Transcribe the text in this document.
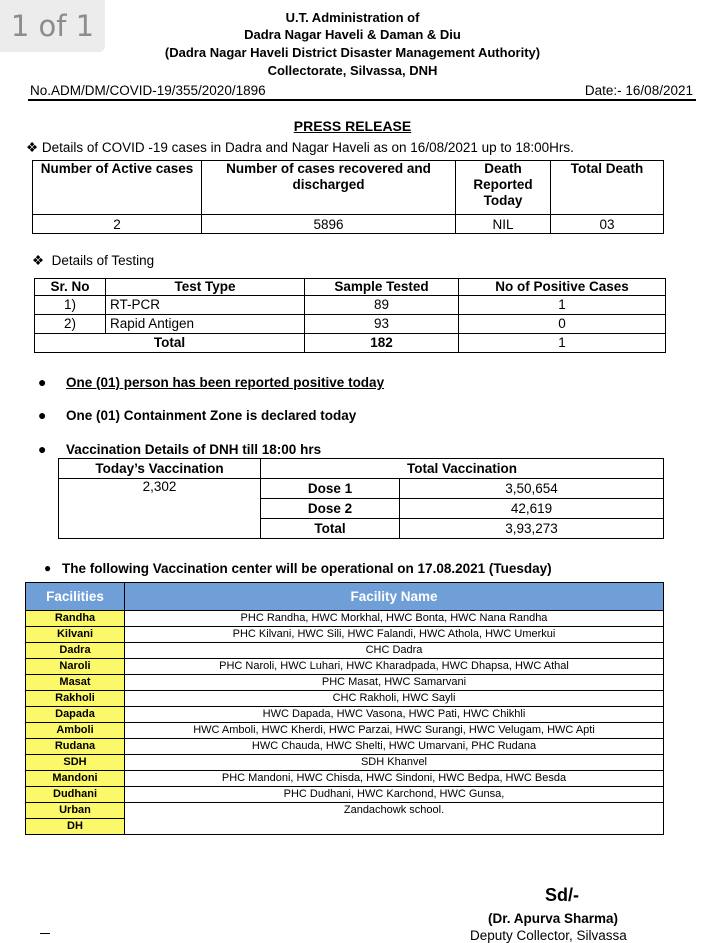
1 of 1	U.T. Administration of
Dadra Nagar Haveli & Daman & Diu
(Dadra Nagar Haveli District Disaster Management Authority)
Collectorate, Silvassa, DNH
No.ADM/DM/COVID-19/355/2020/1896	Date:- 16/08/2021
PRESS RELEASE
❖ Details of COVID -19 cases in Dadra and Nagar Haveli as on 16/08/2021 up to 18:00Hrs.
Number of Active cases	Number of cases recovered and discharged	Death Reported Today	Total Death
2	5896	NIL	03
❖ Details of Testing
Sr. No	Test Type	Sample Tested	No of Positive Cases
1)	RT-PCR	89	1
2)	Rapid Antigen	93	0
Total		182	1
● One (01) person has been reported positive today
● One (01) Containment Zone is declared today
● Vaccination Details of DNH till 18:00 hrs
Today’s Vaccination	Total Vaccination	
2,302	Dose 1	3,50,654
	Dose 2	42,619
	Total	3,93,273
● The following Vaccination center will be operational on 17.08.2021 (Tuesday)
Facilities	Facility Name
Randha	PHC Randha, HWC Morkhal, HWC Bonta, HWC Nana Randha
Kilvani	PHC Kilvani, HWC Sili, HWC Falandi, HWC Athola, HWC Umerkui
Dadra	CHC Dadra
Naroli	PHC Naroli, HWC Luhari, HWC Kharadpada, HWC Dhapsa, HWC Athal
Masat	PHC Masat, HWC Samarvani
Rakholi	CHC Rakholi, HWC Sayli
Dapada	HWC Dapada, HWC Vasona, HWC Pati, HWC Chikhli
Amboli	HWC Amboli, HWC Kherdi, HWC Parzai, HWC Surangi, HWC Velugam, HWC Apti
Rudana	HWC Chauda, HWC Shelti, HWC Umarvani, PHC Rudana
SDH	SDH Khanvel
Mandoni	PHC Mandoni, HWC Chisda, HWC Sindoni, HWC Bedpa, HWC Besda
Dudhani	PHC Dudhani, HWC Karchond, HWC Gunsa,
Urban	Zandachowk school.
DH	
Sd/-
(Dr. Apurva Sharma)
Deputy Collector, Silvassa
